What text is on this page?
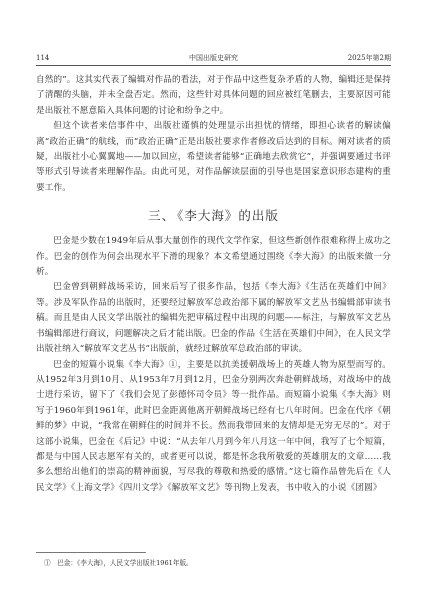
114	中国出版史研究	2025年第2期

自然的”。这其实代表了编辑对作品的看法，对于作品中这些复杂矛盾的人物，编辑还是保持了清醒的头脑，并未全盘否定。然而，这些针对具体问题的回应被红笔删去，主要原因可能是出版社不愿意陷入具体问题的讨论和纷争之中。

但这个读者来信事件中，出版社谨慎的处理显示出担忧的情绪，即担心读者的解读偏离“政治正确”的航线，而“政治正确”正是出版社要求作者修改后达到的目标。阐对读者的质疑，出版社小心翼翼地——加以回应，希望读者能够“正确地去欣赏它”，并强调要通过书评等形式引导读者来理解作品。由此可见，对作品解读层面的引导也是国家意识形态建构的重要工作。

三、 《李大海》的出版

巴金是少数在1949年后从事大量创作的现代文学作家，但这些新创作很难称得上成功之作。巴金的创作为何会出现水平下滑的现象？本文希望通过围绕《李大海》的出版来做一分析。

巴金曾到朝鲜战场采访，回来后写了很多作品，包括《李大海》《生活在英雄们中间》等。涉及军队作品的出版时，还要经过解放军总政治部下属的解放军文艺丛书编辑部审读书稿。而且是由人民文学出版社的编辑先把审稿过程中出现的问题——标注，与解放军文艺丛书编辑部进行商议，问题解决之后才能出版。巴金的作品《生活在英雄们中间》，在人民文学出版社纳入“解放军文艺丛书”出版前，就经过解放军总政治部的审读。

巴金的短篇小说集《李大海》①，主要是以抗美援朝战场上的英雄人物为原型而写的。从1952年3月到10月、从1953年7月到12月，巴金分别两次奔赴朝鲜战场，对战场中的战士进行采访，留下了《我们会见了彭德怀司令员》等一批作品。而短篇小说集《李大海》则写于1960年到1961年，此时巴金距离他离开朝鲜战场已经有七八年时间。巴金在代序《朝鲜的梦》中说，“我常在朝鲜住的时间并不长。然而我带回来的友情却是无穷无尽的”。对于这部小说集，巴金在《后记》中说：“从去年八月到今年八月这一年中间，我写了七个短篇，都是与中国人民志愿军有关的，或者更可以说，都是怀念我所敬爱的英雄朋友的文章……我多么想给出他们的崇高的精神面貌，写尽我的尊敬和热爱的感情。”这七篇作品曾先后在《人民文学》《上海文学》《四川文学》《解放军文艺》等刊物上发表，书中收入的小说《团圆》

①　巴金：《李大海》，人民文学出版社1961年版。
